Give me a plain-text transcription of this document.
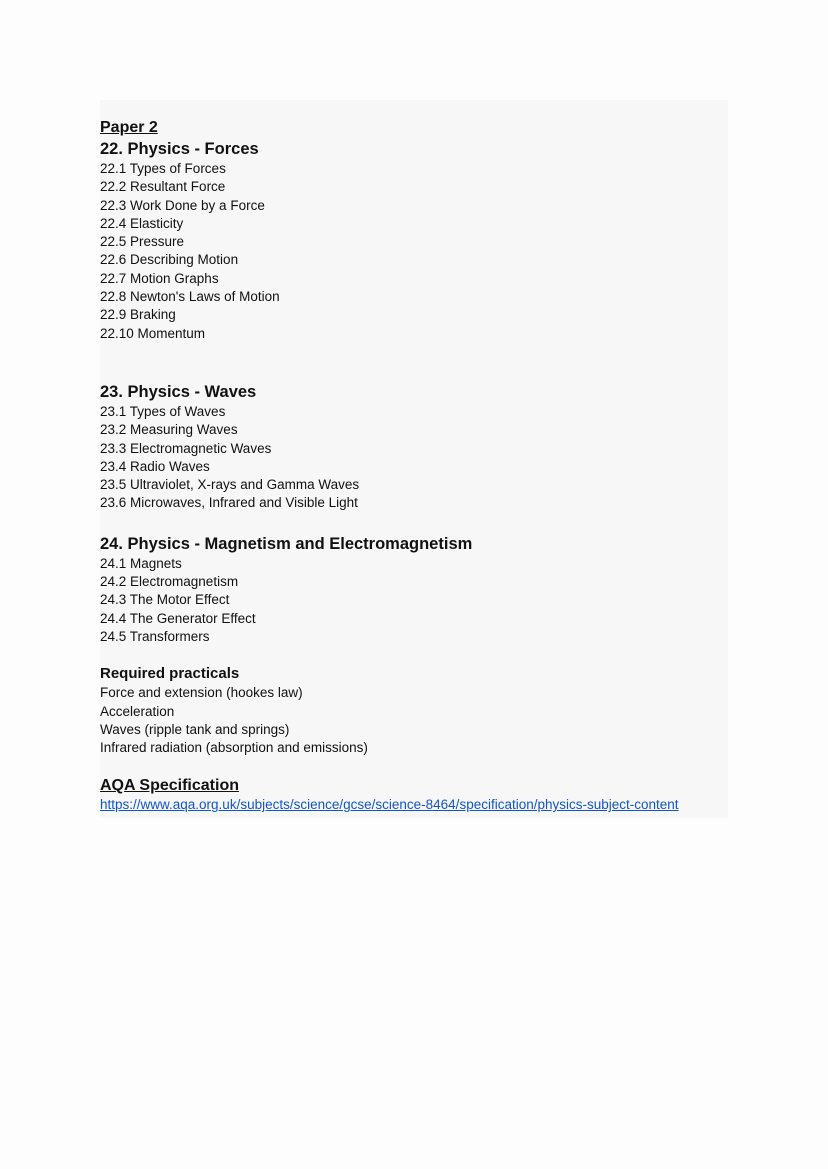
Paper 2
22. Physics - Forces
22.1 Types of Forces
22.2 Resultant Force
22.3 Work Done by a Force
22.4 Elasticity
22.5 Pressure
22.6 Describing Motion
22.7 Motion Graphs
22.8 Newton's Laws of Motion
22.9 Braking
22.10 Momentum
23. Physics - Waves
23.1 Types of Waves
23.2 Measuring Waves
23.3 Electromagnetic Waves
23.4 Radio Waves
23.5 Ultraviolet, X-rays and Gamma Waves
23.6 Microwaves, Infrared and Visible Light
24. Physics - Magnetism and Electromagnetism
24.1 Magnets
24.2 Electromagnetism
24.3 The Motor Effect
24.4 The Generator Effect
24.5 Transformers
Required practicals
Force and extension (hookes law)
Acceleration
Waves (ripple tank and springs)
Infrared radiation (absorption and emissions)
AQA Specification
https://www.aqa.org.uk/subjects/science/gcse/science-8464/specification/physics-subject-content
